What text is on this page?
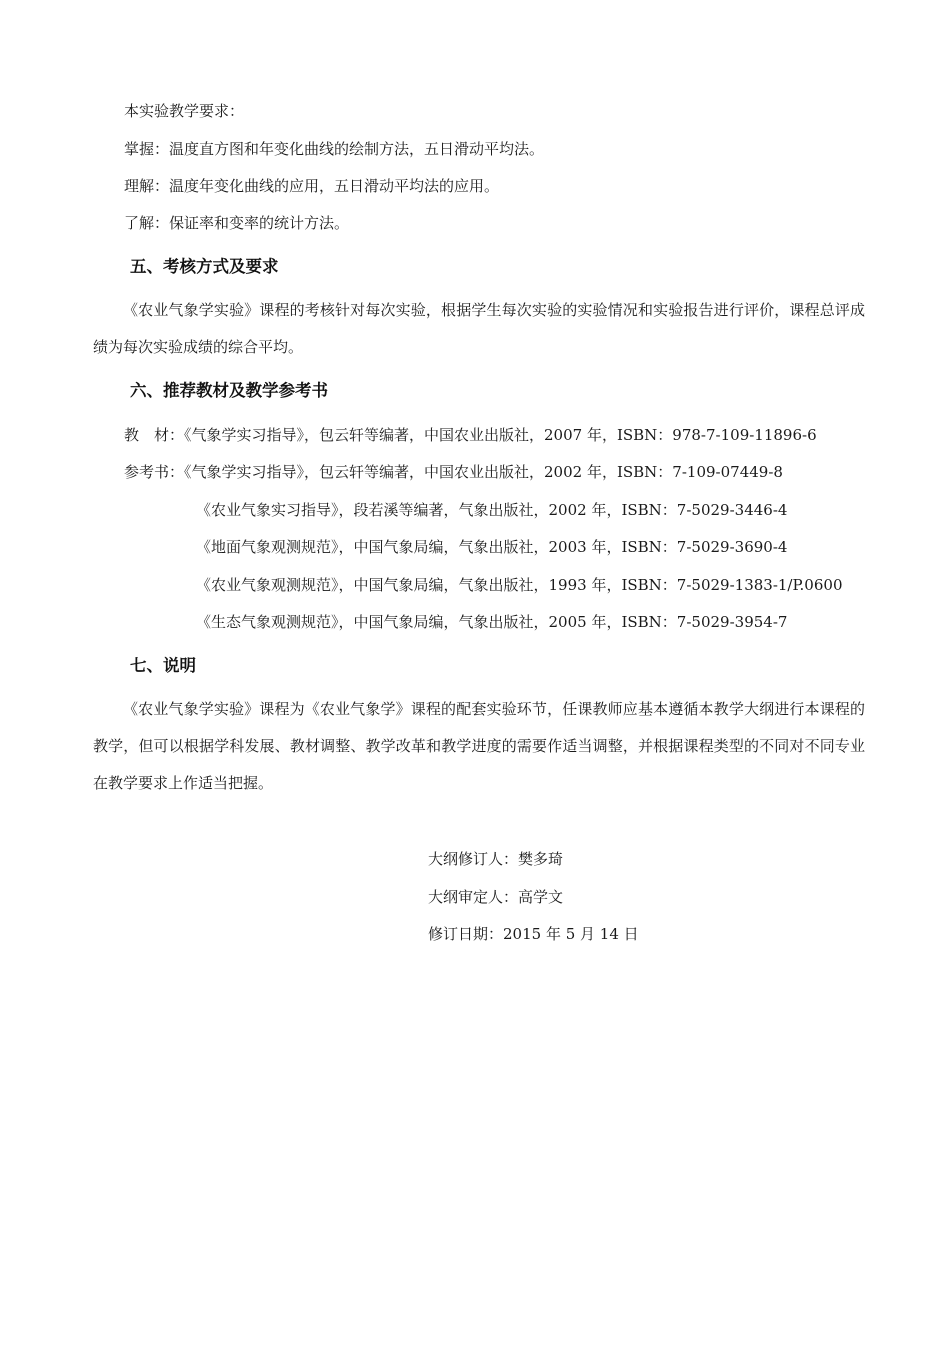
本实验教学要求：
掌握：温度直方图和年变化曲线的绘制方法，五日滑动平均法。
理解：温度年变化曲线的应用，五日滑动平均法的应用。
了解：保证率和变率的统计方法。
五、考核方式及要求
《农业气象学实验》课程的考核针对每次实验，根据学生每次实验的实验情况和实验报告进行评价，课程总评成绩为每次实验成绩的综合平均。
六、推荐教材及教学参考书
教　材：《气象学实习指导》，包云轩等编著，中国农业出版社，2007 年，ISBN：978-7-109-11896-6
参考书：《气象学实习指导》，包云轩等编著，中国农业出版社，2002 年，ISBN：7-109-07449-8
《农业气象实习指导》，段若溪等编著，气象出版社，2002 年，ISBN：7-5029-3446-4
《地面气象观测规范》，中国气象局编，气象出版社，2003 年，ISBN：7-5029-3690-4
《农业气象观测规范》，中国气象局编，气象出版社，1993 年，ISBN：7-5029-1383-1/P.0600
《生态气象观测规范》，中国气象局编，气象出版社，2005 年，ISBN：7-5029-3954-7
七、说明
《农业气象学实验》课程为《农业气象学》课程的配套实验环节，任课教师应基本遵循本教学大纲进行本课程的教学，但可以根据学科发展、教材调整、教学改革和教学进度的需要作适当调整，并根据课程类型的不同对不同专业在教学要求上作适当把握。
大纲修订人：樊多琦
大纲审定人：高学文
修订日期：2015 年 5 月 14 日
